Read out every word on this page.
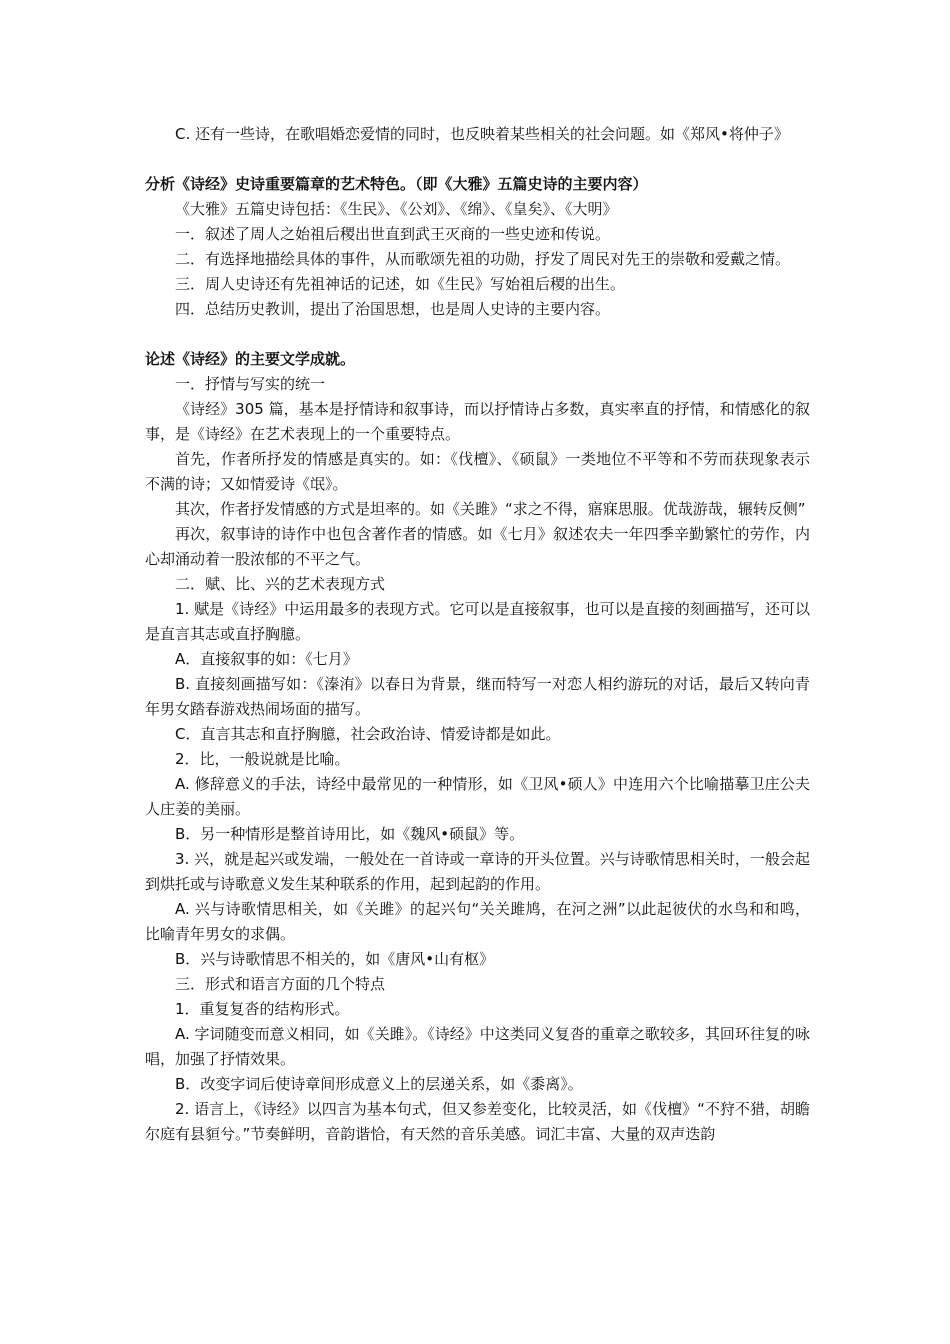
C. 还有一些诗，在歌唱婚恋爱情的同时，也反映着某些相关的社会问题。如《郑风•将仲子》
分析《诗经》史诗重要篇章的艺术特色。（即《大雅》五篇史诗的主要内容）
《大雅》五篇史诗包括：《生民》、《公刘》、《绵》、《皇矣》、《大明》
一．叙述了周人之始祖后稷出世直到武王灭商的一些史迹和传说。
二．有选择地描绘具体的事件，从而歌颂先祖的功勋，抒发了周民对先王的崇敬和爱戴之情。
三．周人史诗还有先祖神话的记述，如《生民》写始祖后稷的出生。
四．总结历史教训，提出了治国思想，也是周人史诗的主要内容。
论述《诗经》的主要文学成就。
一．抒情与写实的统一
《诗经》305 篇，基本是抒情诗和叙事诗，而以抒情诗占多数，真实率直的抒情，和情感化的叙事，是《诗经》在艺术表现上的一个重要特点。
首先，作者所抒发的情感是真实的。如：《伐檀》、《硕鼠》一类地位不平等和不劳而获现象表示不满的诗；又如情爱诗《氓》。
其次，作者抒发情感的方式是坦率的。如《关雎》“求之不得，寤寐思服。优哉游哉，辗转反侧”
再次，叙事诗的诗作中也包含著作者的情感。如《七月》叙述农夫一年四季辛勤繁忙的劳作，内心却涌动着一股浓郁的不平之气。
二．赋、比、兴的艺术表现方式
1. 赋是《诗经》中运用最多的表现方式。它可以是直接叙事，也可以是直接的刻画描写，还可以是直言其志或直抒胸臆。
A．直接叙事的如：《七月》
B. 直接刻画描写如：《溱洧》以春日为背景，继而特写一对恋人相约游玩的对话，最后又转向青年男女踏春游戏热闹场面的描写。
C．直言其志和直抒胸臆，社会政治诗、情爱诗都是如此。
2．比，一般说就是比喻。
A. 修辞意义的手法，诗经中最常见的一种情形，如《卫风•硕人》中连用六个比喻描摹卫庄公夫人庄姜的美丽。
B．另一种情形是整首诗用比，如《魏风•硕鼠》等。
3. 兴，就是起兴或发端，一般处在一首诗或一章诗的开头位置。兴与诗歌情思相关时，一般会起到烘托或与诗歌意义发生某种联系的作用，起到起韵的作用。
A. 兴与诗歌情思相关，如《关雎》的起兴句“关关雎鸠，在河之洲”以此起彼伏的水鸟和和鸣，比喻青年男女的求偶。
B．兴与诗歌情思不相关的，如《唐风•山有枢》
三．形式和语言方面的几个特点
1．重复复沓的结构形式。
A. 字词随变而意义相同，如《关雎》。《诗经》中这类同义复沓的重章之歌较多，其回环往复的咏唱，加强了抒情效果。
B．改变字词后使诗章间形成意义上的层递关系，如《黍离》。
2. 语言上，《诗经》以四言为基本句式，但又参差变化，比较灵活，如《伐檀》“不狩不猎，胡瞻尔庭有县貆兮。”节奏鲜明，音韵谐恰，有天然的音乐美感。词汇丰富、大量的双声迭韵
